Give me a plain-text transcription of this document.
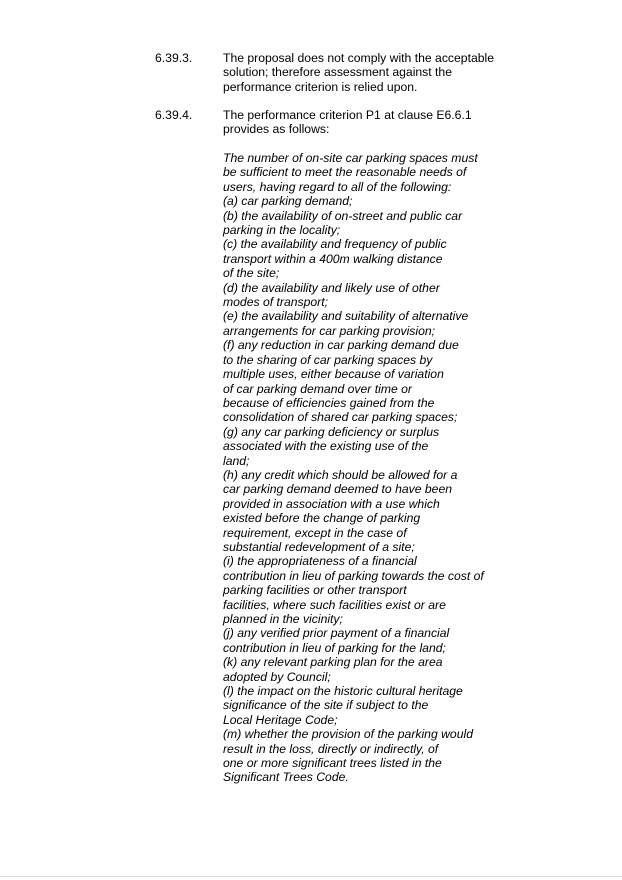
6.39.3.	The proposal does not comply with the acceptable
solution; therefore assessment against the
performance criterion is relied upon.
6.39.4.	The performance criterion P1 at clause E6.6.1
provides as follows:
The number of on-site car parking spaces must
be sufficient to meet the reasonable needs of
users, having regard to all of the following:
(a) car parking demand;
(b) the availability of on-street and public car
parking in the locality;
(c) the availability and frequency of public
transport within a 400m walking distance
of the site;
(d) the availability and likely use of other
modes of transport;
(e) the availability and suitability of alternative
arrangements for car parking provision;
(f) any reduction in car parking demand due
to the sharing of car parking spaces by
multiple uses, either because of variation
of car parking demand over time or
because of efficiencies gained from the
consolidation of shared car parking spaces;
(g) any car parking deficiency or surplus
associated with the existing use of the
land;
(h) any credit which should be allowed for a
car parking demand deemed to have been
provided in association with a use which
existed before the change of parking
requirement, except in the case of
substantial redevelopment of a site;
(i) the appropriateness of a financial
contribution in lieu of parking towards the cost of
parking facilities or other transport
facilities, where such facilities exist or are
planned in the vicinity;
(j) any verified prior payment of a financial
contribution in lieu of parking for the land;
(k) any relevant parking plan for the area
adopted by Council;
(l) the impact on the historic cultural heritage
significance of the site if subject to the
Local Heritage Code;
(m) whether the provision of the parking would
result in the loss, directly or indirectly, of
one or more significant trees listed in the
Significant Trees Code.
